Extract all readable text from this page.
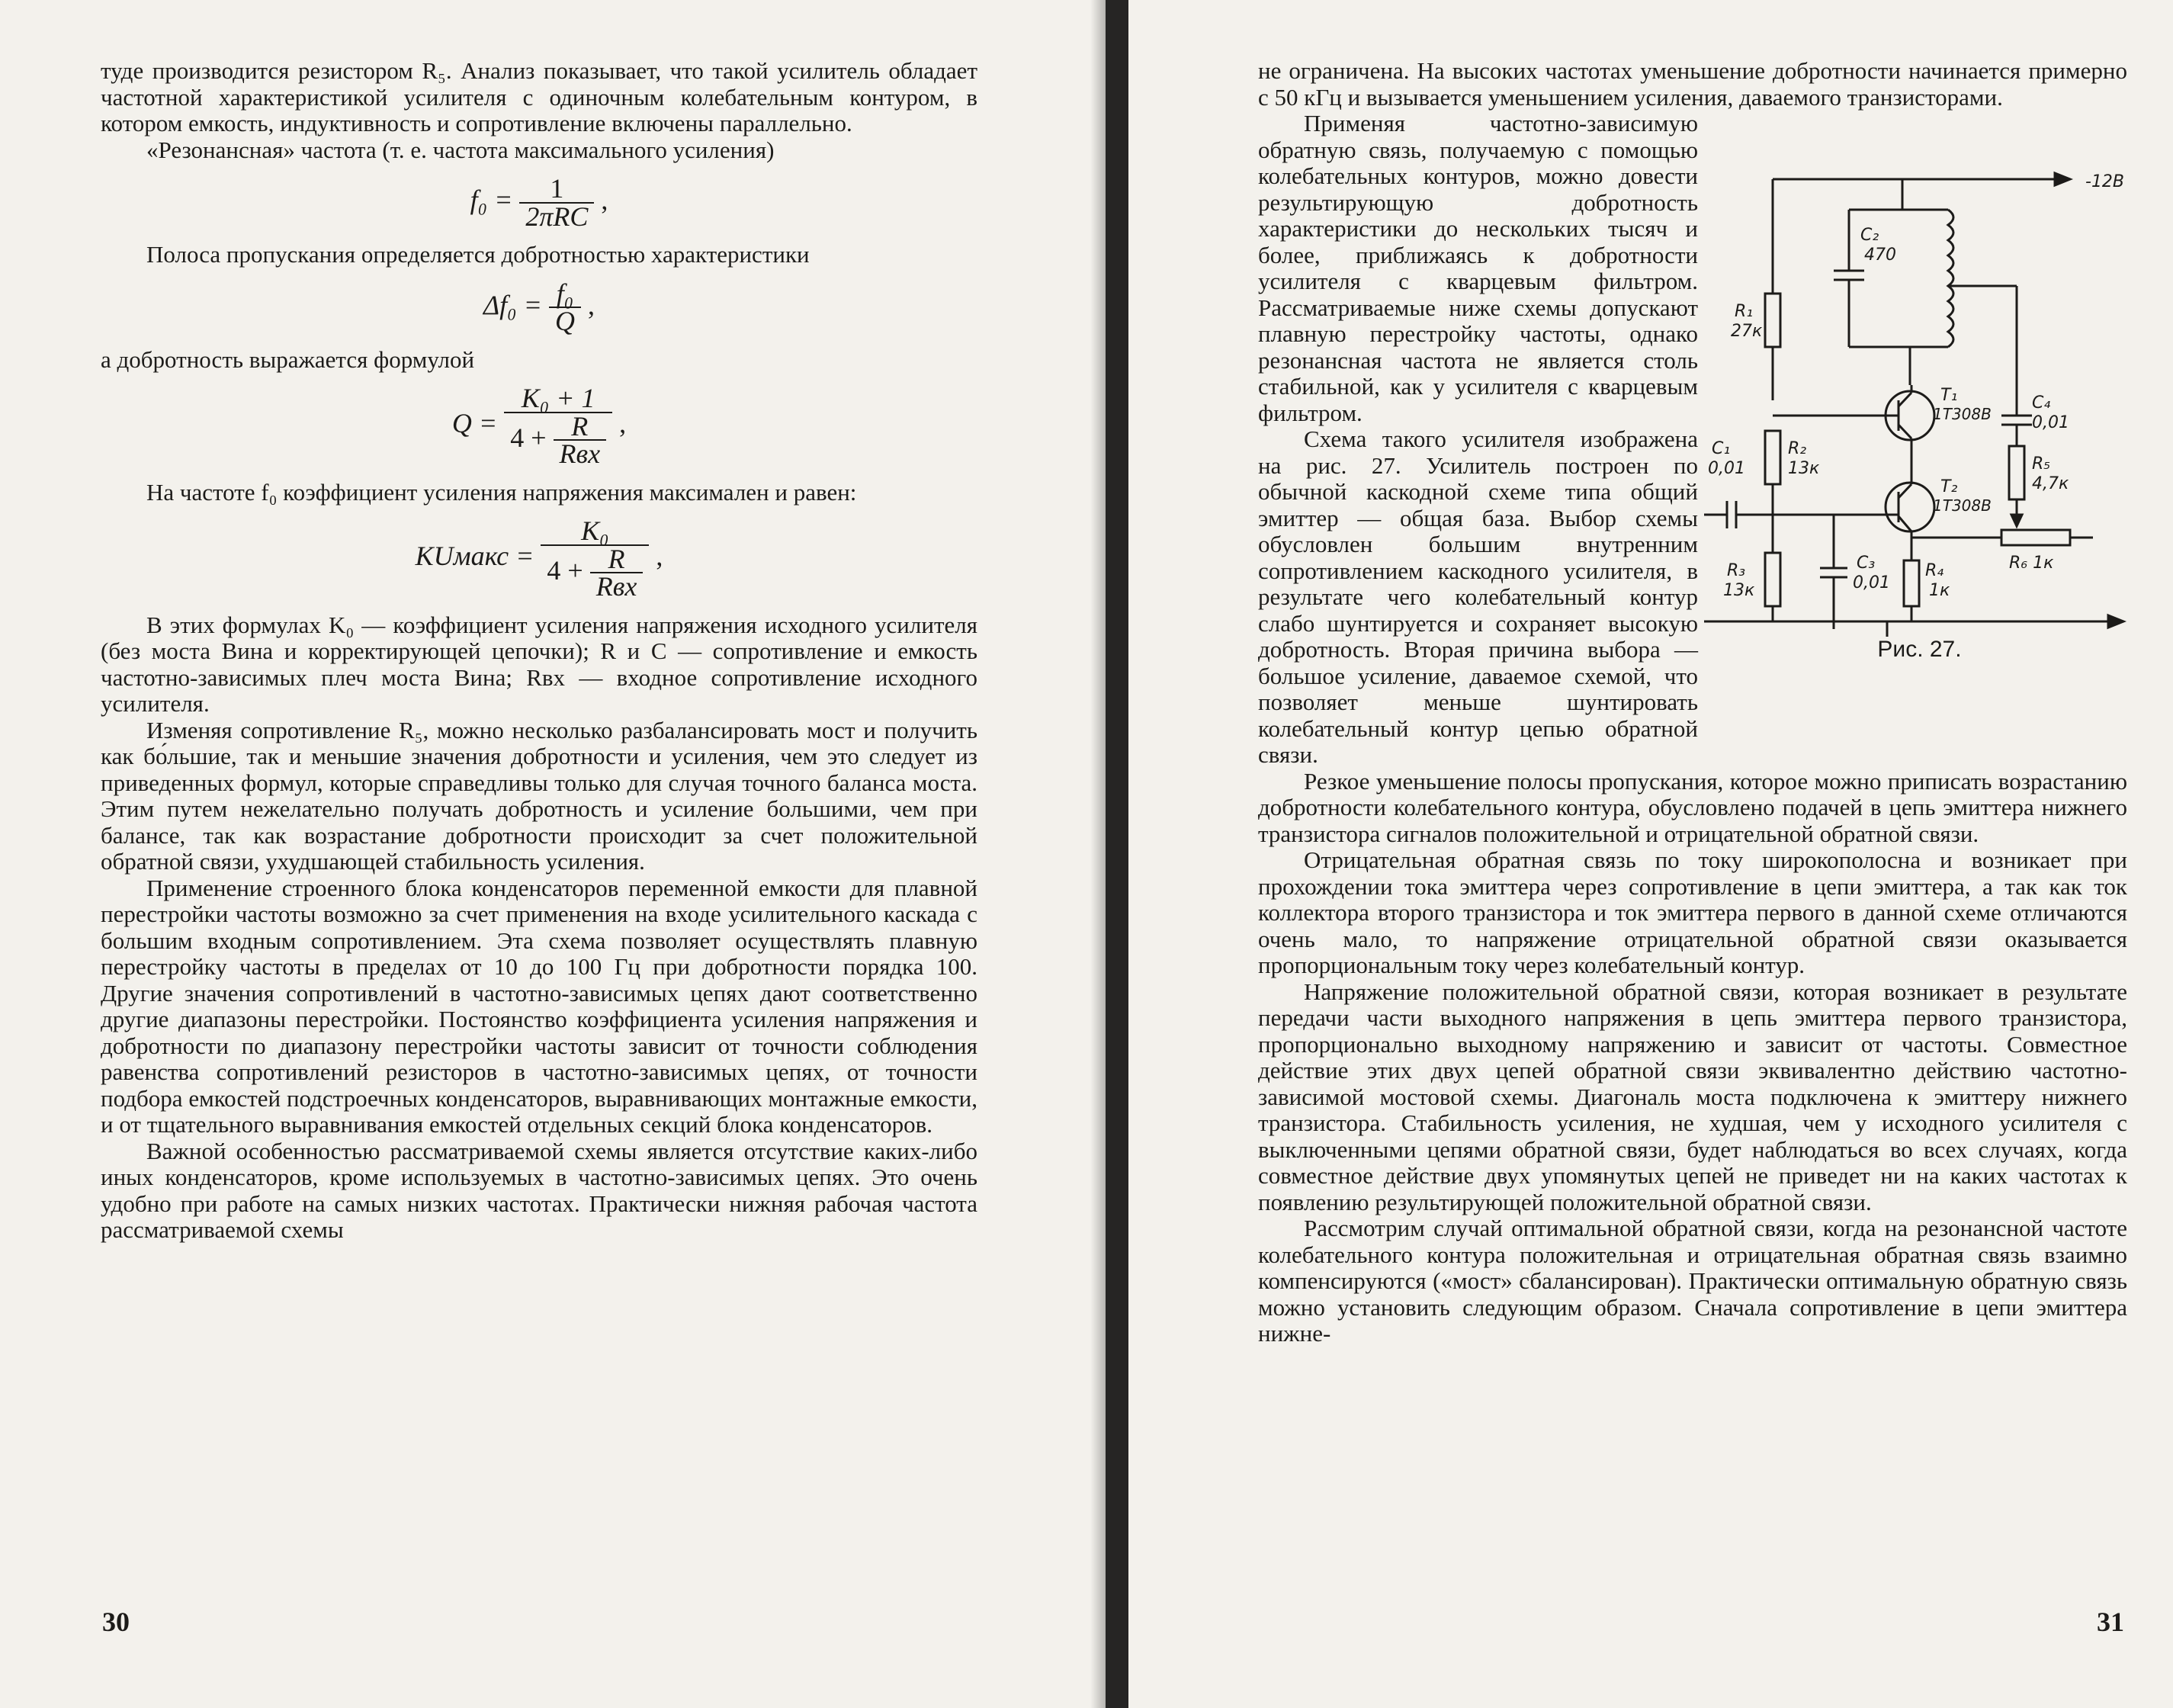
туде производится резистором R₅. Анализ показывает, что такой усилитель обладает частотной характеристикой усилителя с одиночным колебательным контуром, в котором емкость, индуктивность и сопротивление включены параллельно.

«Резонансная» частота (т. е. частота максимального усиления)

$f_0 = \frac{1}{\text{2πRC}}$ ,

Полоса пропускания определяется добротностью характеристики

$\Delta f_0 = \frac{\text{f₀}}{Q}$ ,

а добротность выражается формулой

$Q = \frac{\text{K₀ + 1}}{4 + \frac{R}{\text{Rвх}}}$ ,

На частоте f₀ коэффициент усиления напряжения максимален и равен:

KUмакс = $\frac{\text{K₀}}{4 + \frac{R}{\text{Rвх}}}$ ,

В этих формулах K₀ — коэффициент усиления напряжения исходного усилителя (без моста Вина и корректирующей цепочки); R и C — сопротивление и емкость частотно-зависимых плеч моста Вина; Rвх — входное сопротивление исходного усилителя.

Изменяя сопротивление R₅, можно несколько разбалансировать мост и получить как бо́льшие, так и меньшие значения добротности и усиления, чем это следует из приведенных формул, которые справедливы только для случая точного баланса моста. Этим путем нежелательно получать добротность и усиление большими, чем при балансе, так как возрастание добротности происходит за счет положительной обратной связи, ухудшающей стабильность усиления.

Применение строенного блока конденсаторов переменной емкости для плавной перестройки частоты возможно за счет применения на входе усилительного каскада с большим входным сопротивлением. Эта схема позволяет осуществлять плавную перестройку частоты в пределах от 10 до 100 Гц при добротности порядка 100. Другие значения сопротивлений в частотно-зависимых цепях дают соответственно другие диапазоны перестройки. Постоянство коэффициента усиления напряжения и добротности по диапазону перестройки частоты зависит от точности соблюдения равенства сопротивлений резисторов в частотно-зависимых цепях, от точности подбора емкостей подстроечных конденсаторов, выравнивающих монтажные емкости, и от тщательного выравнивания емкостей отдельных секций блока конденсаторов.

Важной особенностью рассматриваемой схемы является отсутствие каких-либо иных конденсаторов, кроме используемых в частотно-зависимых цепях. Это очень удобно при работе на самых низких частотах. Практически нижняя рабочая частота рассматриваемой схемы

30

не ограничена. На высоких частотах уменьшение добротности начинается примерно с 50 кГц и вызывается уменьшением усиления, даваемого транзисторами.

-12В
C₂
470
R₁
27к
T₁
1Т308В
C₄
0,01
R₅
4,7к
C₁
0,01
R₂
13к
T₂
1Т308В
R₃
13к
C₃
0,01
R₄
1к
R₆ 1к
Рис. 27.

Применяя частотно-зависимую обратную связь, получаемую с помощью колебательных контуров, можно довести результирующую добротность характеристики до нескольких тысяч и более, приближаясь к добротности усилителя с кварцевым фильтром. Рассматриваемые ниже схемы допускают плавную перестройку частоты, однако резонансная частота не является столь стабильной, как у усилителя с кварцевым фильтром.

Схема такого усилителя изображена на рис. 27. Усилитель построен по обычной каскодной схеме типа общий эмиттер — общая база. Выбор схемы обусловлен большим внутренним сопротивлением каскодного усилителя, в результате чего колебательный контур слабо шунтируется и сохраняет высокую добротность. Вторая причина выбора — большое усиление, даваемое схемой, что позволяет меньше шунтировать колебательный контур цепью обратной связи.

Резкое уменьшение полосы пропускания, которое можно приписать возрастанию добротности колебательного контура, обусловлено подачей в цепь эмиттера нижнего транзистора сигналов положительной и отрицательной обратной связи.

Отрицательная обратная связь по току широкополосна и возникает при прохождении тока эмиттера через сопротивление в цепи эмиттера, а так как ток коллектора второго транзистора и ток эмиттера первого в данной схеме отличаются очень мало, то напряжение отрицательной обратной связи оказывается пропорциональным току через колебательный контур.

Напряжение положительной обратной связи, которая возникает в результате передачи части выходного напряжения в цепь эмиттера первого транзистора, пропорционально выходному напряжению и зависит от частоты. Совместное действие этих двух цепей обратной связи эквивалентно действию частотно-зависимой мостовой схемы. Диагональ моста подключена к эмиттеру нижнего транзистора. Стабильность усиления, не худшая, чем у исходного усилителя с выключенными цепями обратной связи, будет наблюдаться во всех случаях, когда совместное действие двух упомянутых цепей не приведет ни на каких частотах к появлению результирующей положительной обратной связи.

Рассмотрим случай оптимальной обратной связи, когда на резонансной частоте колебательного контура положительная и отрицательная обратная связь взаимно компенсируются («мост» сбалансирован). Практически оптимальную обратную связь можно установить следующим образом. Сначала сопротивление в цепи эмиттера нижне-

31
